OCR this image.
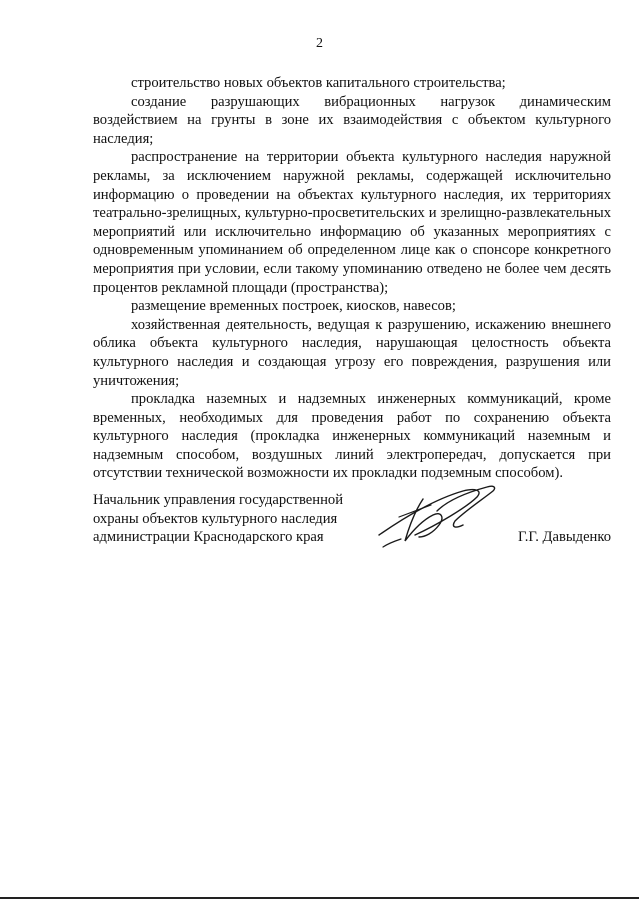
2

строительство новых объектов капитального строительства;

создание разрушающих вибрационных нагрузок динамическим воздействием на грунты в зоне их взаимодействия с объектом культурного наследия;

распространение на территории объекта культурного наследия наружной рекламы, за исключением наружной рекламы, содержащей исключительно информацию о проведении на объектах культурного наследия, их территориях театрально-зрелищных, культурно-просветительских и зрелищно-развлекательных мероприятий или исключительно информацию об указанных мероприятиях с одновременным упоминанием об определенном лице как о спонсоре конкретного мероприятия при условии, если такому упоминанию отведено не более чем десять процентов рекламной площади (пространства);

размещение временных построек, киосков, навесов;

хозяйственная деятельность, ведущая к разрушению, искажению внешнего облика объекта культурного наследия, нарушающая целостность объекта культурного наследия и создающая угрозу его повреждения, разрушения или уничтожения;

прокладка наземных и надземных инженерных коммуникаций, кроме временных, необходимых для проведения работ по сохранению объекта культурного наследия (прокладка инженерных коммуникаций наземным и надземным способом, воздушных линий электропередач, допускается при отсутствии технической возможности их прокладки подземным способом).

Начальник управления государственной
охраны объектов культурного наследия
администрации Краснодарского края	Г.Г. Давыденко
